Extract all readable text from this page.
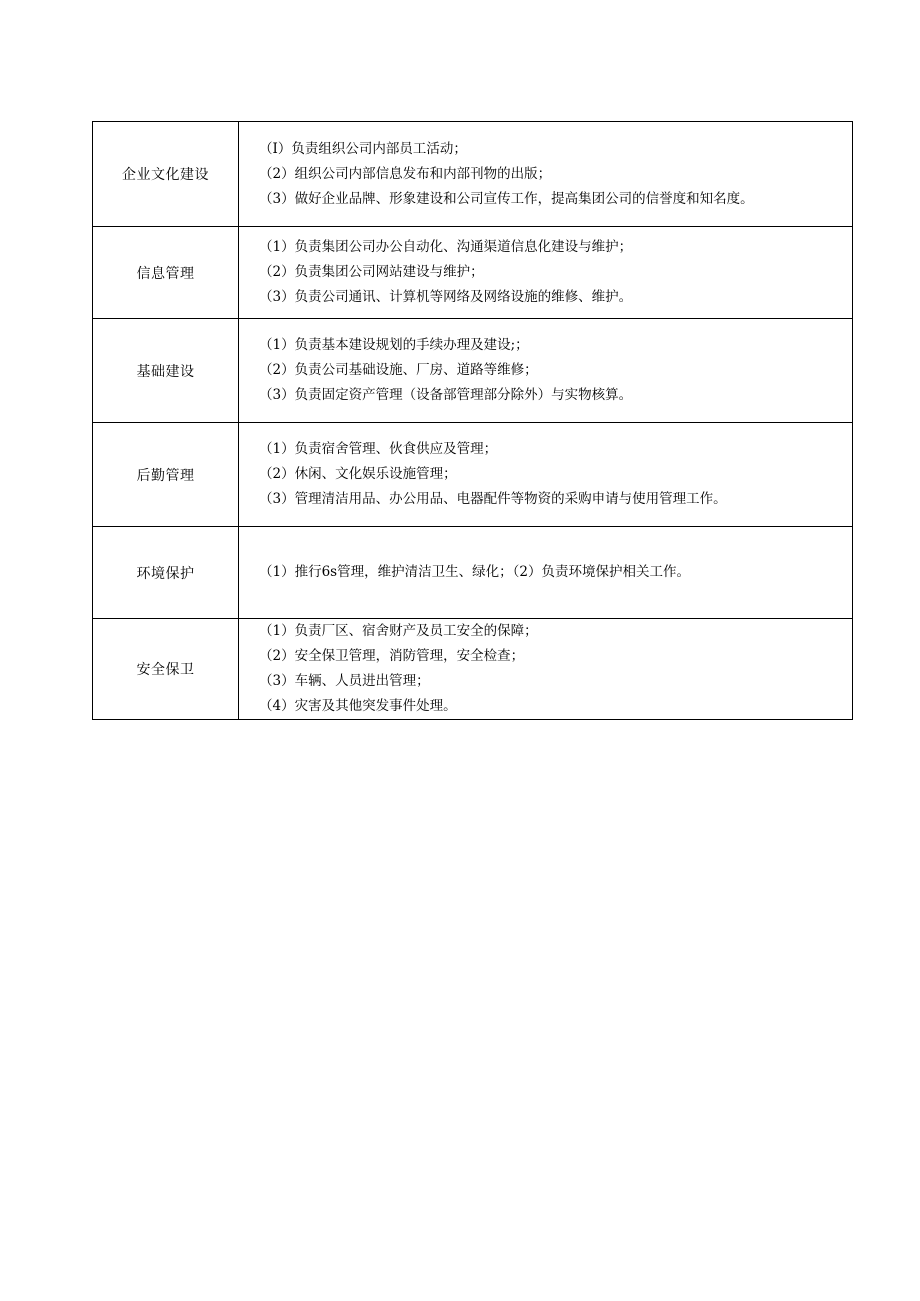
企业文化建设	（I）负责组织公司内部员工活动；
（2）组织公司内部信息发布和内部刊物的出版；
（3）做好企业品牌、形象建设和公司宣传工作，提高集团公司的信誉度和知名度。

信息管理	（1）负责集团公司办公自动化、沟通渠道信息化建设与维护；
（2）负责集团公司网站建设与维护；
（3）负责公司通讯、计算机等网络及网络设施的维修、维护。

基础建设	（1）负责基本建设规划的手续办理及建设;；
（2）负责公司基础设施、厂房、道路等维修；
（3）负责固定资产管理（设备部管理部分除外）与实物核算。

后勤管理	（1）负责宿舍管理、伙食供应及管理；
（2）休闲、文化娱乐设施管理；
（3）管理清洁用品、办公用品、电器配件等物资的采购申请与使用管理工作。

环境保护	（1）推行6s管理，维护清洁卫生、绿化；（2）负责环境保护相关工作。

安全保卫	（1）负责厂区、宿舍财产及员工安全的保障；
（2）安全保卫管理，消防管理，安全检查；
（3）车辆、人员进出管理；
（4）灾害及其他突发事件处理。
